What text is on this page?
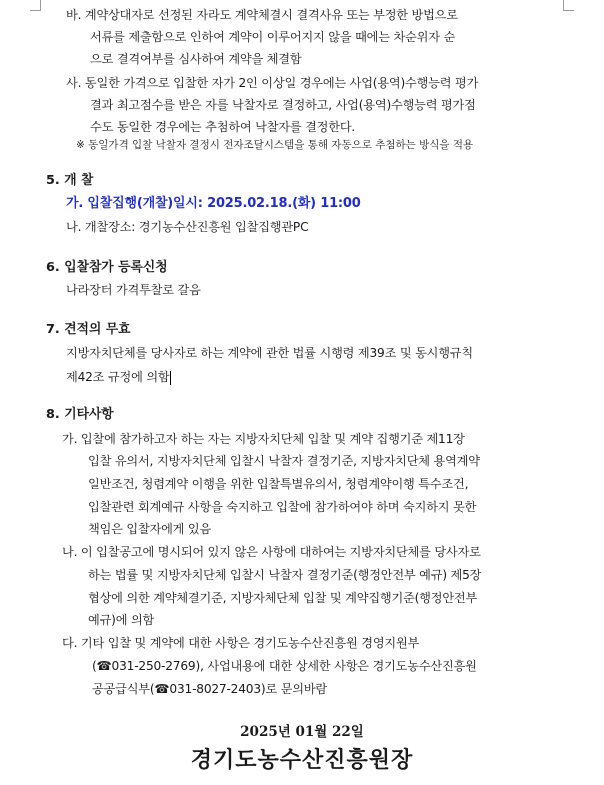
바. 계약상대자로 선정된 자라도 계약체결시 결격사유 또는 부정한 방법으로
서류를 제출함으로 인하여 계약이 이루어지지 않을 때에는 차순위자 순
으로 결격여부를 심사하여 계약을 체결함
사. 동일한 가격으로 입찰한 자가 2인 이상일 경우에는 사업(용역)수행능력 평가
결과 최고점수를 받은 자를 낙찰자로 결정하고, 사업(용역)수행능력 평가점
수도 동일한 경우에는 추첨하여 낙찰자를 결정한다.
※ 동일가격 입찰 낙찰자 결정시 전자조달시스템을 통해 자동으로 추첨하는 방식을 적용
5. 개 찰
가. 입찰집행(개찰)일시: 2025.02.18.(화) 11:00
나. 개찰장소: 경기농수산진흥원 입찰집행관PC
6. 입찰참가 등록신청
나라장터 가격투찰로 갈음
7. 견적의 무효
지방자치단체를 당사자로 하는 계약에 관한 법률 시행령 제39조 및 동시행규칙
제42조 규정에 의함
8. 기타사항
가. 입찰에 참가하고자 하는 자는 지방자치단체 입찰 및 계약 집행기준 제11장
입찰 유의서, 지방자치단체 입찰시 낙찰자 결정기준, 지방자치단체 용역계약
일반조건, 청렴계약 이행을 위한 입찰특별유의서, 청렴계약이행 특수조건,
입찰관련 회계예규 사항을 숙지하고 입찰에 참가하여야 하며 숙지하지 못한
책임은 입찰자에게 있음
나. 이 입찰공고에 명시되어 있지 않은 사항에 대하여는 지방자치단체를 당사자로
하는 법률 및 지방자치단체 입찰시 낙찰자 결정기준(행정안전부 예규) 제5장
협상에 의한 계약체결기준, 지방자체단체 입찰 및 계약집행기준(행정안전부
예규)에 의함
다. 기타 입찰 및 계약에 대한 사항은 경기도농수산진흥원 경영지원부
(☎031-250-2769), 사업내용에 대한 상세한 사항은 경기도농수산진흥원
공공급식부(☎031-8027-2403)로 문의바람
2025년 01월 22일
경기도농수산진흥원장
